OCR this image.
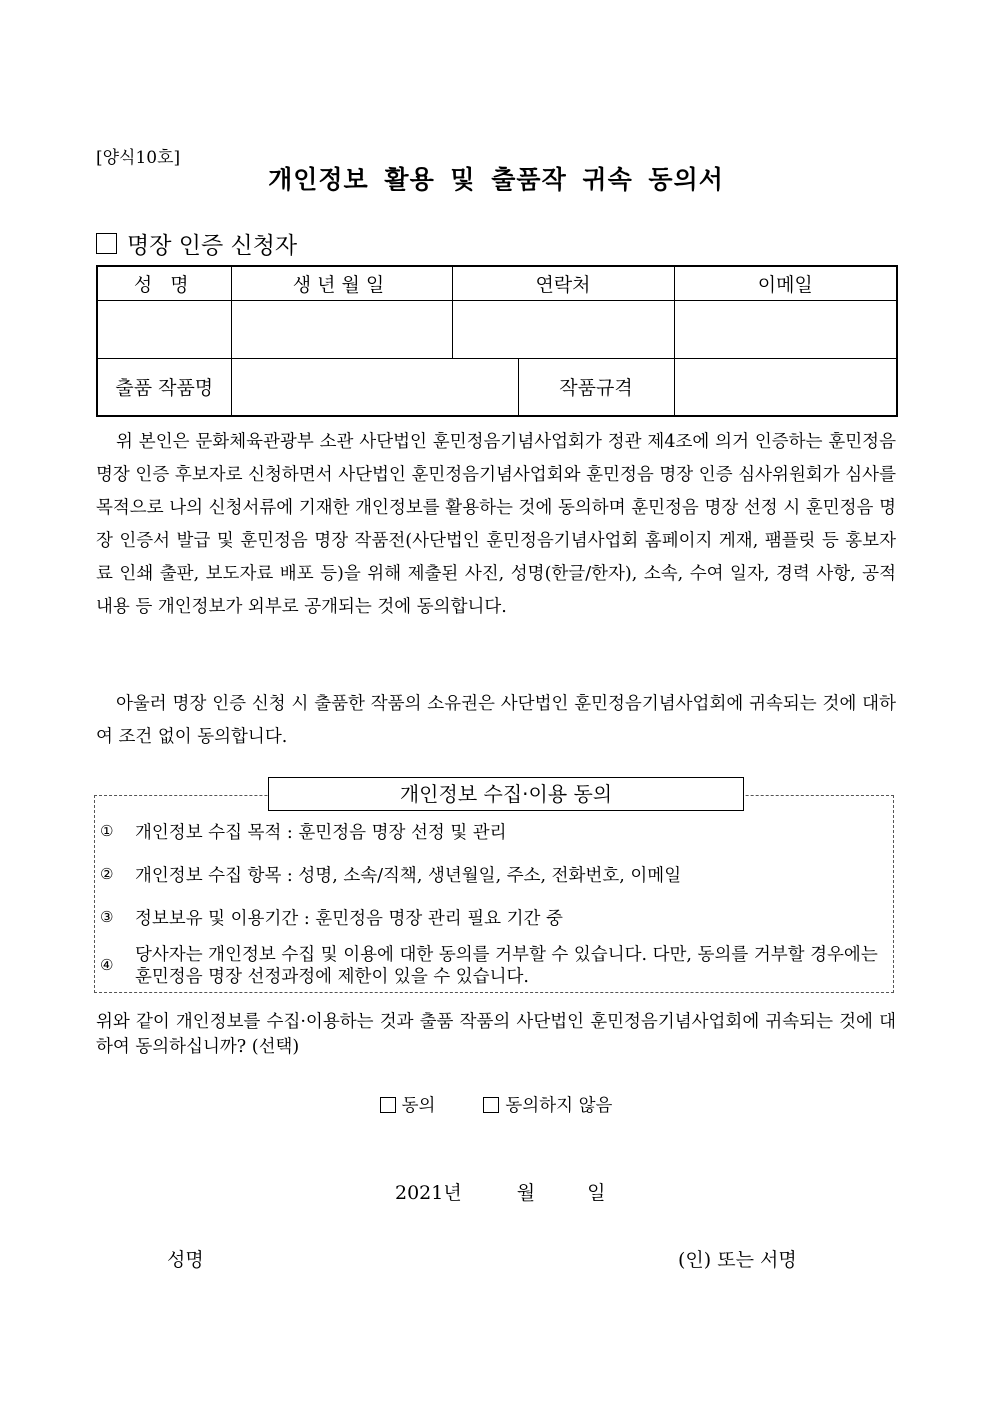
[양식10호]
개인정보 활용 및 출품작 귀속 동의서
명장 인증 신청자
성 명	생년월일	연락처		이메일

출품 작품명			작품규격	

위 본인은 문화체육관광부 소관 사단법인 훈민정음기념사업회가 정관 제4조에 의거 인증하는 훈민정음 명장 인증 후보자로 신청하면서 사단법인 훈민정음기념사업회와 훈민정음 명장 인증 심사위원회가 심사를 목적으로 나의 신청서류에 기재한 개인정보를 활용하는 것에 동의하며 훈민정음 명장 선정 시 훈민정음 명장 인증서 발급 및 훈민정음 명장 작품전(사단법인 훈민정음기념사업회 홈페이지 게재, 팸플릿 등 홍보자료 인쇄 출판, 보도자료 배포 등)을 위해 제출된 사진, 성명(한글/한자), 소속, 수여 일자, 경력 사항, 공적 내용 등 개인정보가 외부로 공개되는 것에 동의합니다.

아울러 명장 인증 신청 시 출품한 작품의 소유권은 사단법인 훈민정음기념사업회에 귀속되는 것에 대하여 조건 없이 동의합니다.

개인정보 수집·이용 동의
①	개인정보 수집 목적 : 훈민정음 명장 선정 및 관리
②	개인정보 수집 항목 : 성명, 소속/직책, 생년월일, 주소, 전화번호, 이메일
③	정보보유 및 이용기간 : 훈민정음 명장 관리 필요 기간 중
④	당사자는 개인정보 수집 및 이용에 대한 동의를 거부할 수 있습니다. 다만, 동의를 거부할 경우에는 훈민정음 명장 선정과정에 제한이 있을 수 있습니다.
위와 같이 개인정보를 수집·이용하는 것과 출품 작품의 사단법인 훈민정음기념사업회에 귀속되는 것에 대하여 동의하십니까? (선택)
동의	동의하지 않음
2021년	월	일
성명	(인) 또는 서명
